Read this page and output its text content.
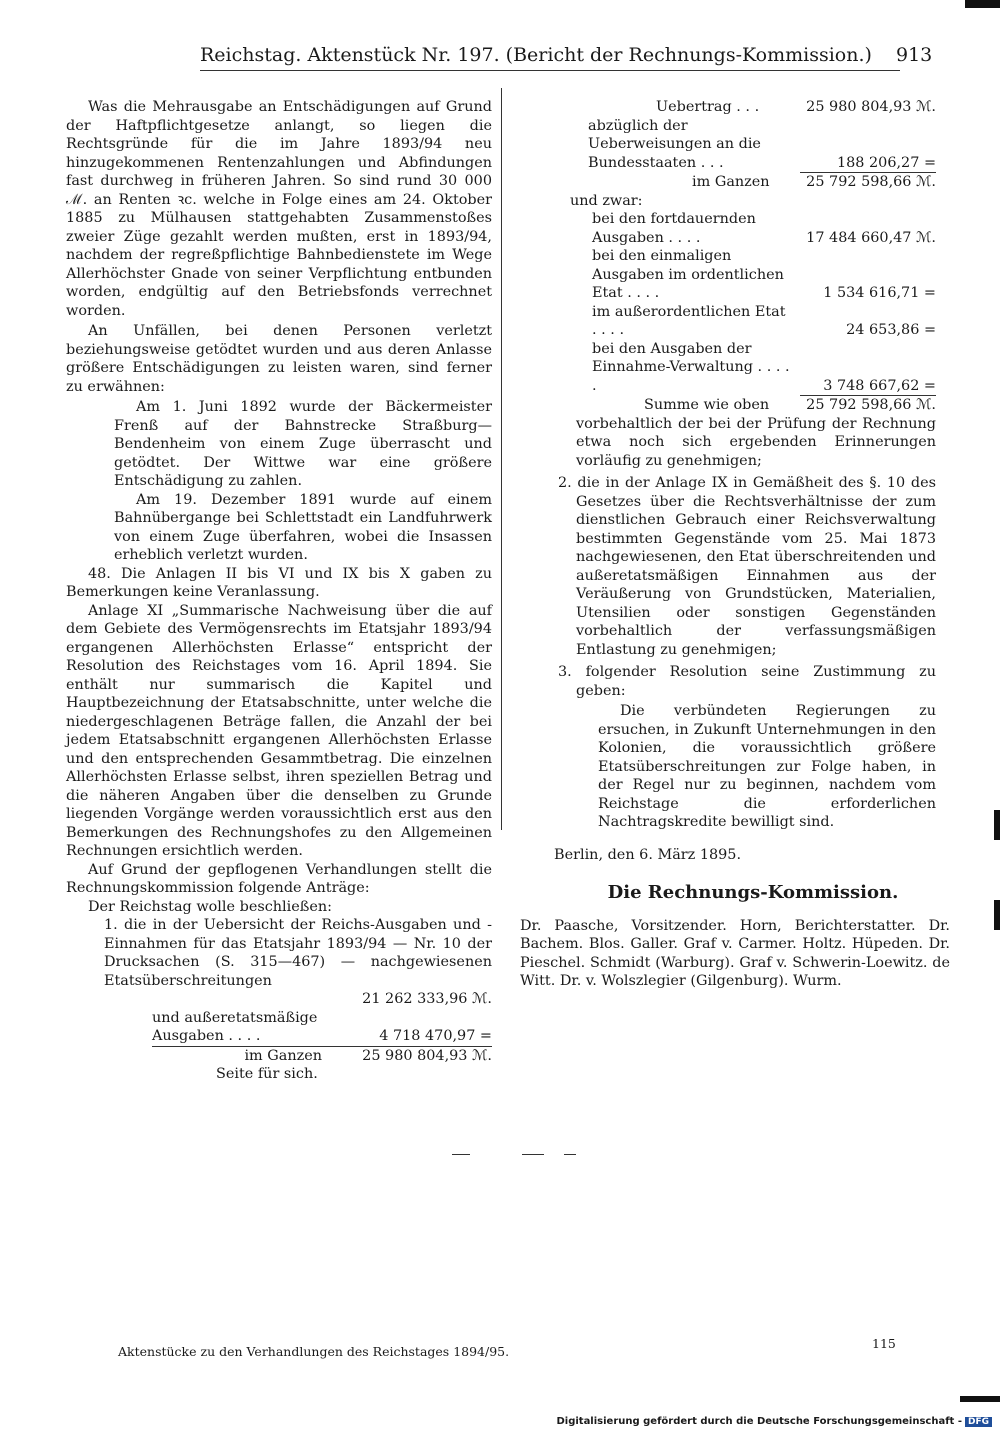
Reichstag. Aktenstück Nr. 197. (Bericht der Rechnungs-Kommission.) 913

Was die Mehrausgabe an Entschädigungen auf Grund der Haftpflichtgesetze anlangt, so liegen die Rechtsgründe für die im Jahre 1893/94 neu hinzugekommenen Rentenzahlungen und Abfindungen fast durchweg in früheren Jahren. So sind rund 30 000 ℳ. an Renten ꝛc. welche in Folge eines am 24. Oktober 1885 zu Mülhausen stattgehabten Zusammenstoßes zweier Züge gezahlt werden mußten, erst in 1893/94, nachdem der regreßpflichtige Bahnbedienstete im Wege Allerhöchster Gnade von seiner Verpflichtung entbunden worden, endgültig auf den Betriebsfonds verrechnet worden.

An Unfällen, bei denen Personen verletzt beziehungsweise getödtet wurden und aus deren Anlasse größere Entschädigungen zu leisten waren, sind ferner zu erwähnen:

Am 1. Juni 1892 wurde der Bäckermeister Frenß auf der Bahnstrecke Straßburg—Bendenheim von einem Zuge überrascht und getödtet. Der Wittwe war eine größere Entschädigung zu zahlen.

Am 19. Dezember 1891 wurde auf einem Bahnübergange bei Schlettstadt ein Landfuhrwerk von einem Zuge überfahren, wobei die Insassen erheblich verletzt wurden.

48. Die Anlagen II bis VI und IX bis X gaben zu Bemerkungen keine Veranlassung.

Anlage XI „Summarische Nachweisung über die auf dem Gebiete des Vermögensrechts im Etatsjahr 1893/94 ergangenen Allerhöchsten Erlasse“ entspricht der Resolution des Reichstages vom 16. April 1894. Sie enthält nur summarisch die Kapitel und Hauptbezeichnung der Etatsabschnitte, unter welche die niedergeschlagenen Beträge fallen, die Anzahl der bei jedem Etatsabschnitt ergangenen Allerhöchsten Erlasse und den entsprechenden Gesammtbetrag. Die einzelnen Allerhöchsten Erlasse selbst, ihren speziellen Betrag und die näheren Angaben über die denselben zu Grunde liegenden Vorgänge werden voraussichtlich erst aus den Bemerkungen des Rechnungshofes zu den Allgemeinen Rechnungen ersichtlich werden.

Auf Grund der gepflogenen Verhandlungen stellt die Rechnungskommission folgende Anträge:

Der Reichstag wolle beschließen:

1. die in der Uebersicht der Reichs-Ausgaben und -Einnahmen für das Etatsjahr 1893/94 — Nr. 10 der Drucksachen (S. 315—467) — nachgewiesenen Etatsüberschreitungen

21 262 333,96 ℳ.
und außeretatsmäßige Ausgaben . . . .	4 718 470,97 =
im Ganzen	25 980 804,93 ℳ.
Seite für sich.
Uebertrag . . .	25 980 804,93 ℳ.
abzüglich der Ueberweisungen an die Bundesstaaten . . .	188 206,27 =
im Ganzen	25 792 598,66 ℳ.
und zwar:
bei den fortdauernden Ausgaben . . . .	17 484 660,47 ℳ.
bei den einmaligen Ausgaben im ordentlichen Etat . . . .	1 534 616,71 =
im außerordentlichen Etat . . . .	24 653,86 =
bei den Ausgaben der Einnahme-Verwaltung . . . . .	3 748 667,62 =
Summe wie oben	25 792 598,66 ℳ.

vorbehaltlich der bei der Prüfung der Rechnung etwa noch sich ergebenden Erinnerungen vorläufig zu genehmigen;

2. die in der Anlage IX in Gemäßheit des §. 10 des Gesetzes über die Rechtsverhältnisse der zum dienstlichen Gebrauch einer Reichsverwaltung bestimmten Gegenstände vom 25. Mai 1873 nachgewiesenen, den Etat überschreitenden und außeretatsmäßigen Einnahmen aus der Veräußerung von Grundstücken, Materialien, Utensilien oder sonstigen Gegenständen vorbehaltlich der verfassungsmäßigen Entlastung zu genehmigen;

3. folgender Resolution seine Zustimmung zu geben:

Die verbündeten Regierungen zu ersuchen, in Zukunft Unternehmungen in den Kolonien, die voraussichtlich größere Etatsüberschreitungen zur Folge haben, in der Regel nur zu beginnen, nachdem vom Reichstage die erforderlichen Nachtragskredite bewilligt sind.

Berlin, den 6. März 1895.

Die Rechnungs-Kommission.

Dr. Paasche, Vorsitzender. Horn, Berichterstatter. Dr. Bachem. Blos. Galler. Graf v. Carmer. Holtz. Hüpeden. Dr. Pieschel. Schmidt (Warburg). Graf v. Schwerin-Loewitz. de Witt. Dr. v. Wolszlegier (Gilgenburg). Wurm.

Aktenstücke zu den Verhandlungen des Reichstages 1894/95.
115
Digitalisierung gefördert durch die Deutsche Forschungsgemeinschaft - DFG
